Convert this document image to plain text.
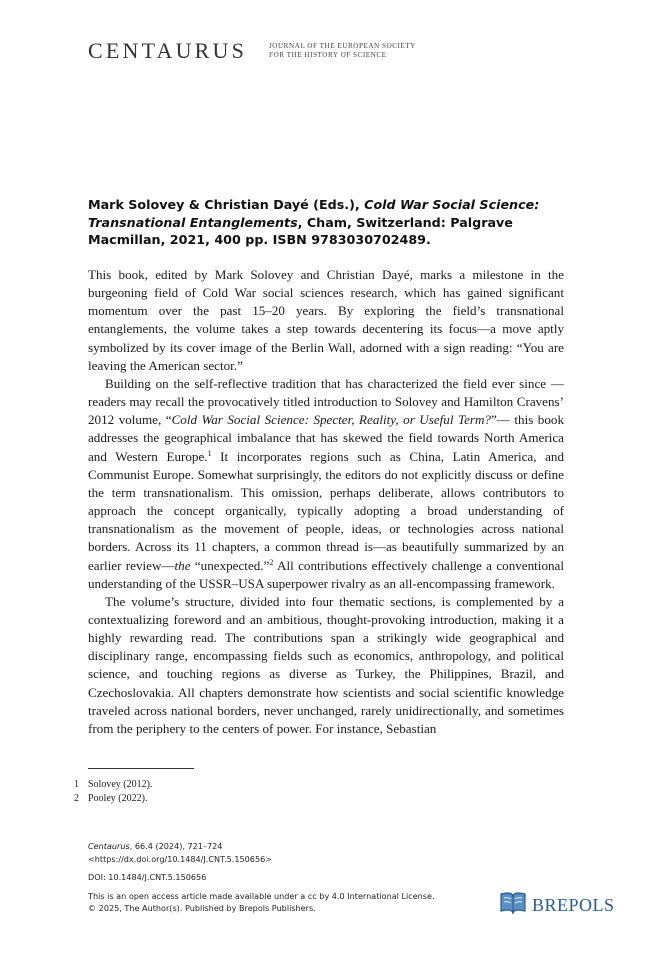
CENTAURUS	JOURNAL OF THE EUROPEAN SOCIETY
FOR THE HISTORY OF SCIENCE
Mark Solovey & Christian Dayé (Eds.), Cold War Social Science: Transnational Entanglements, Cham, Switzerland: Palgrave Macmillan, 2021, 400 pp. ISBN 9783030702489.

This book, edited by Mark Solovey and Christian Dayé, marks a milestone in the burgeoning field of Cold War social sciences research, which has gained significant momentum over the past 15–20 years. By exploring the field’s transnational entanglements, the volume takes a step towards decentering its focus—a move aptly symbolized by its cover image of the Berlin Wall, adorned with a sign reading: “You are leaving the American sector.”

Building on the self-reflective tradition that has characterized the field ever since —readers may recall the provocatively titled introduction to Solovey and Hamilton Cravens’ 2012 volume, “Cold War Social Science: Specter, Reality, or Useful Term?”— this book addresses the geographical imbalance that has skewed the field towards North America and Western Europe.$^1$ It incorporates regions such as China, Latin America, and Communist Europe. Somewhat surprisingly, the editors do not explicitly discuss or define the term transnationalism. This omission, perhaps deliberate, allows contributors to approach the concept organically, typically adopting a broad understanding of transnationalism as the movement of people, ideas, or technologies across national borders. Across its 11 chapters, a common thread is—as beautifully summarized by an earlier review—the “unexpected.”$^2$ All contributions effectively challenge a conventional understanding of the USSR–USA superpower rivalry as an all-encompassing framework.

The volume’s structure, divided into four thematic sections, is complemented by a contextualizing foreword and an ambitious, thought-provoking introduction, making it a highly rewarding read. The contributions span a strikingly wide geographical and disciplinary range, encompassing fields such as economics, anthropology, and political science, and touching regions as diverse as Turkey, the Philippines, Brazil, and Czechoslovakia. All chapters demonstrate how scientists and social scientific knowledge traveled across national borders, never unchanged, rarely unidirectionally, and sometimes from the periphery to the centers of power. For instance, Sebastian

1 Solovey (2012).
2 Pooley (2022).
Centaurus, 66.4 (2024), 721–724
<https://dx.doi.org/10.1484/J.CNT.5.150656>
DOI: 10.1484/J.CNT.5.150656
This is an open access article made available under a cc by 4.0 International License.
© 2025, The Author(s). Published by Brepols Publishers.	BREPOLS
